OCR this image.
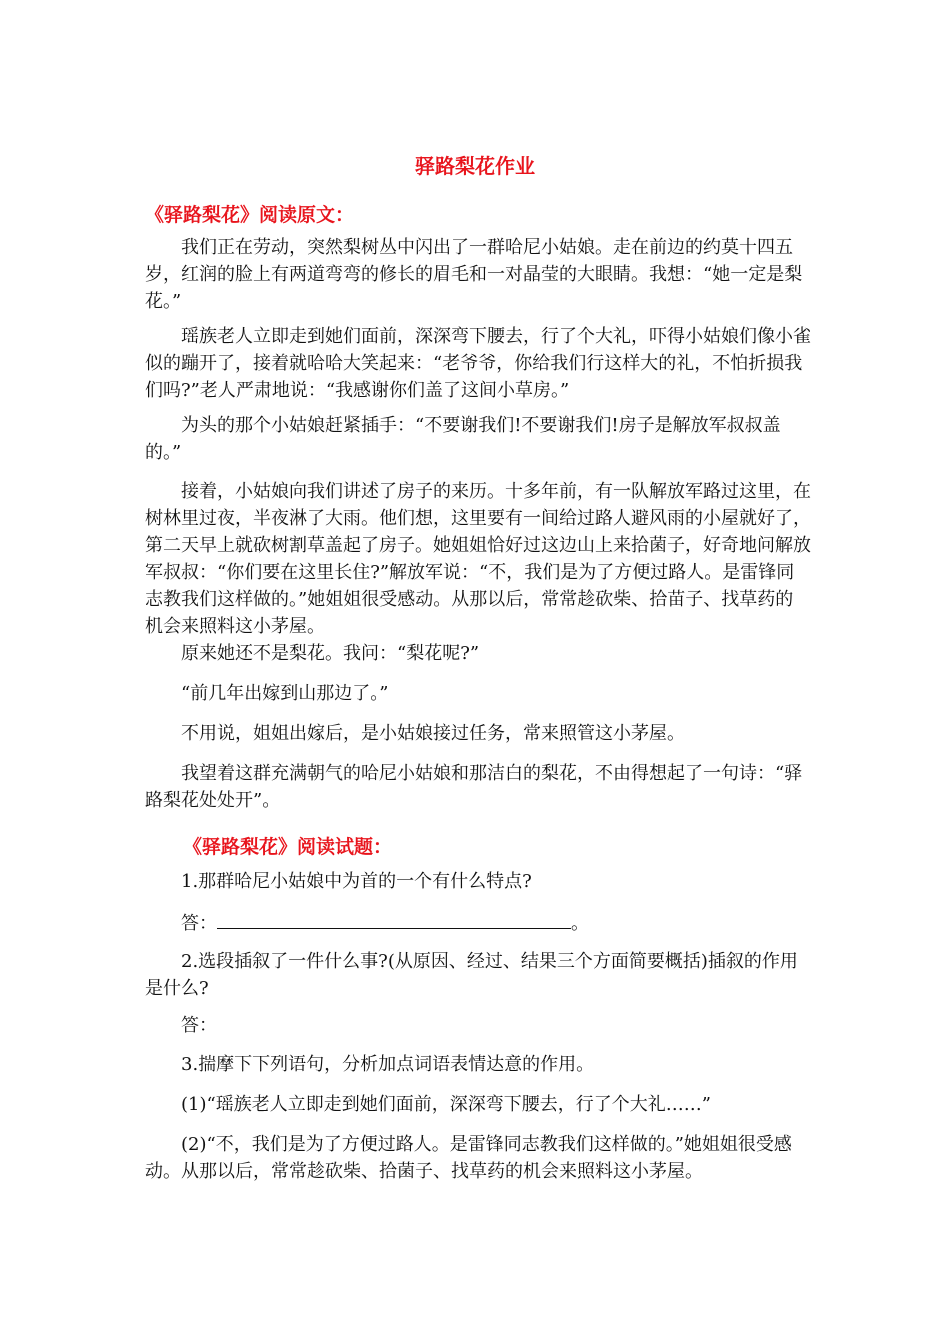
驿路梨花作业
《驿路梨花》阅读原文：

我们正在劳动，突然梨树丛中闪出了一群哈尼小姑娘。走在前边的约莫十四五岁，红润的脸上有两道弯弯的修长的眉毛和一对晶莹的大眼睛。我想：“她一定是梨花。”

瑶族老人立即走到她们面前，深深弯下腰去，行了个大礼，吓得小姑娘们像小雀似的蹦开了，接着就哈哈大笑起来：“老爷爷，你给我们行这样大的礼，不怕折损我们吗?”老人严肃地说：“我感谢你们盖了这间小草房。”

为头的那个小姑娘赶紧插手：“不要谢我们!不要谢我们!房子是解放军叔叔盖的。”

接着，小姑娘向我们讲述了房子的来历。十多年前，有一队解放军路过这里，在树林里过夜，半夜淋了大雨。他们想，这里要有一间给过路人避风雨的小屋就好了，第二天早上就砍树割草盖起了房子。她姐姐恰好过这边山上来拾菌子，好奇地问解放军叔叔：“你们要在这里长住?”解放军说：“不，我们是为了方便过路人。是雷锋同志教我们这样做的。”她姐姐很受感动。从那以后，常常趁砍柴、拾苗子、找草药的机会来照料这小茅屋。

原来她还不是梨花。我问：“梨花呢?”

“前几年出嫁到山那边了。”

不用说，姐姐出嫁后，是小姑娘接过任务，常来照管这小茅屋。

我望着这群充满朝气的哈尼小姑娘和那洁白的梨花，不由得想起了一句诗：“驿路梨花处处开”。

《驿路梨花》阅读试题：

1.那群哈尼小姑娘中为首的一个有什么特点?

答：	。

2.选段插叙了一件什么事?(从原因、经过、结果三个方面简要概括)插叙的作用是什么?

答：

3.揣摩下下列语句，分析加点词语表情达意的作用。

(1)“瑶族老人立即走到她们面前，深深弯下腰去，行了个大礼……”

(2)“不，我们是为了方便过路人。是雷锋同志教我们这样做的。”她姐姐很受感动。从那以后，常常趁砍柴、拾菌子、找草药的机会来照料这小茅屋。
